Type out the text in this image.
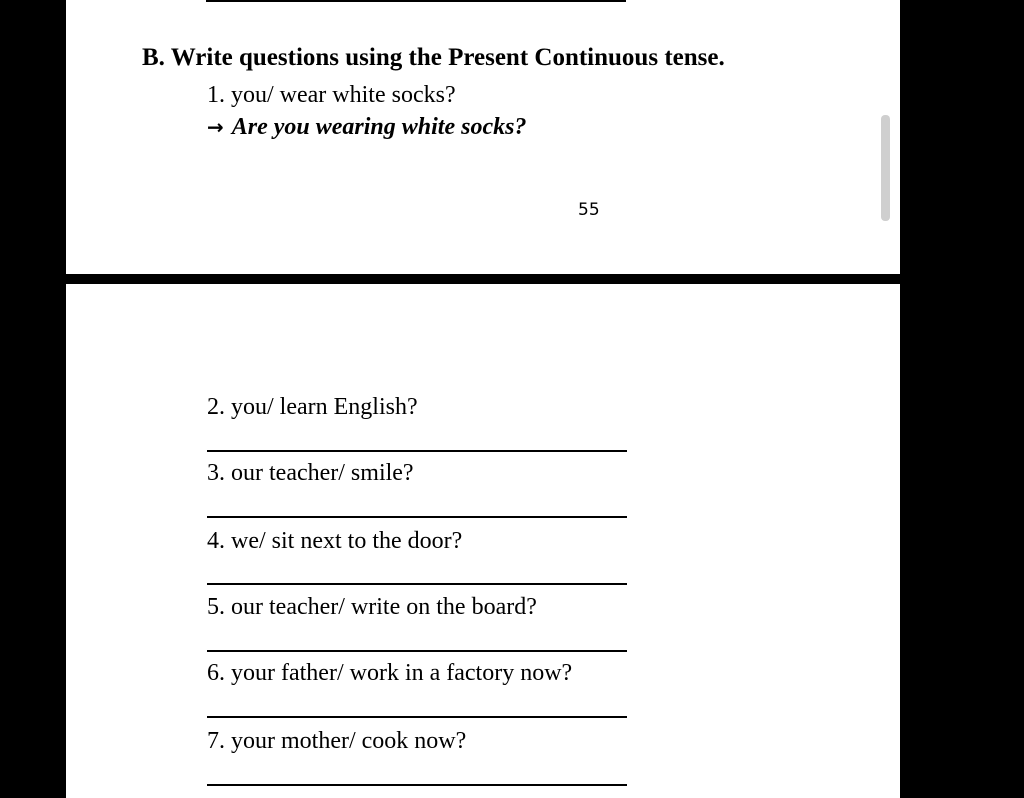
B. Write questions using the Present Continuous tense.
1. you/ wear white socks?
→ Are you wearing white socks?
55
2. you/ learn English?
3. our teacher/ smile?
4. we/ sit next to the door?
5. our teacher/ write on the board?
6. your father/ work in a factory now?
7. your mother/ cook now?
